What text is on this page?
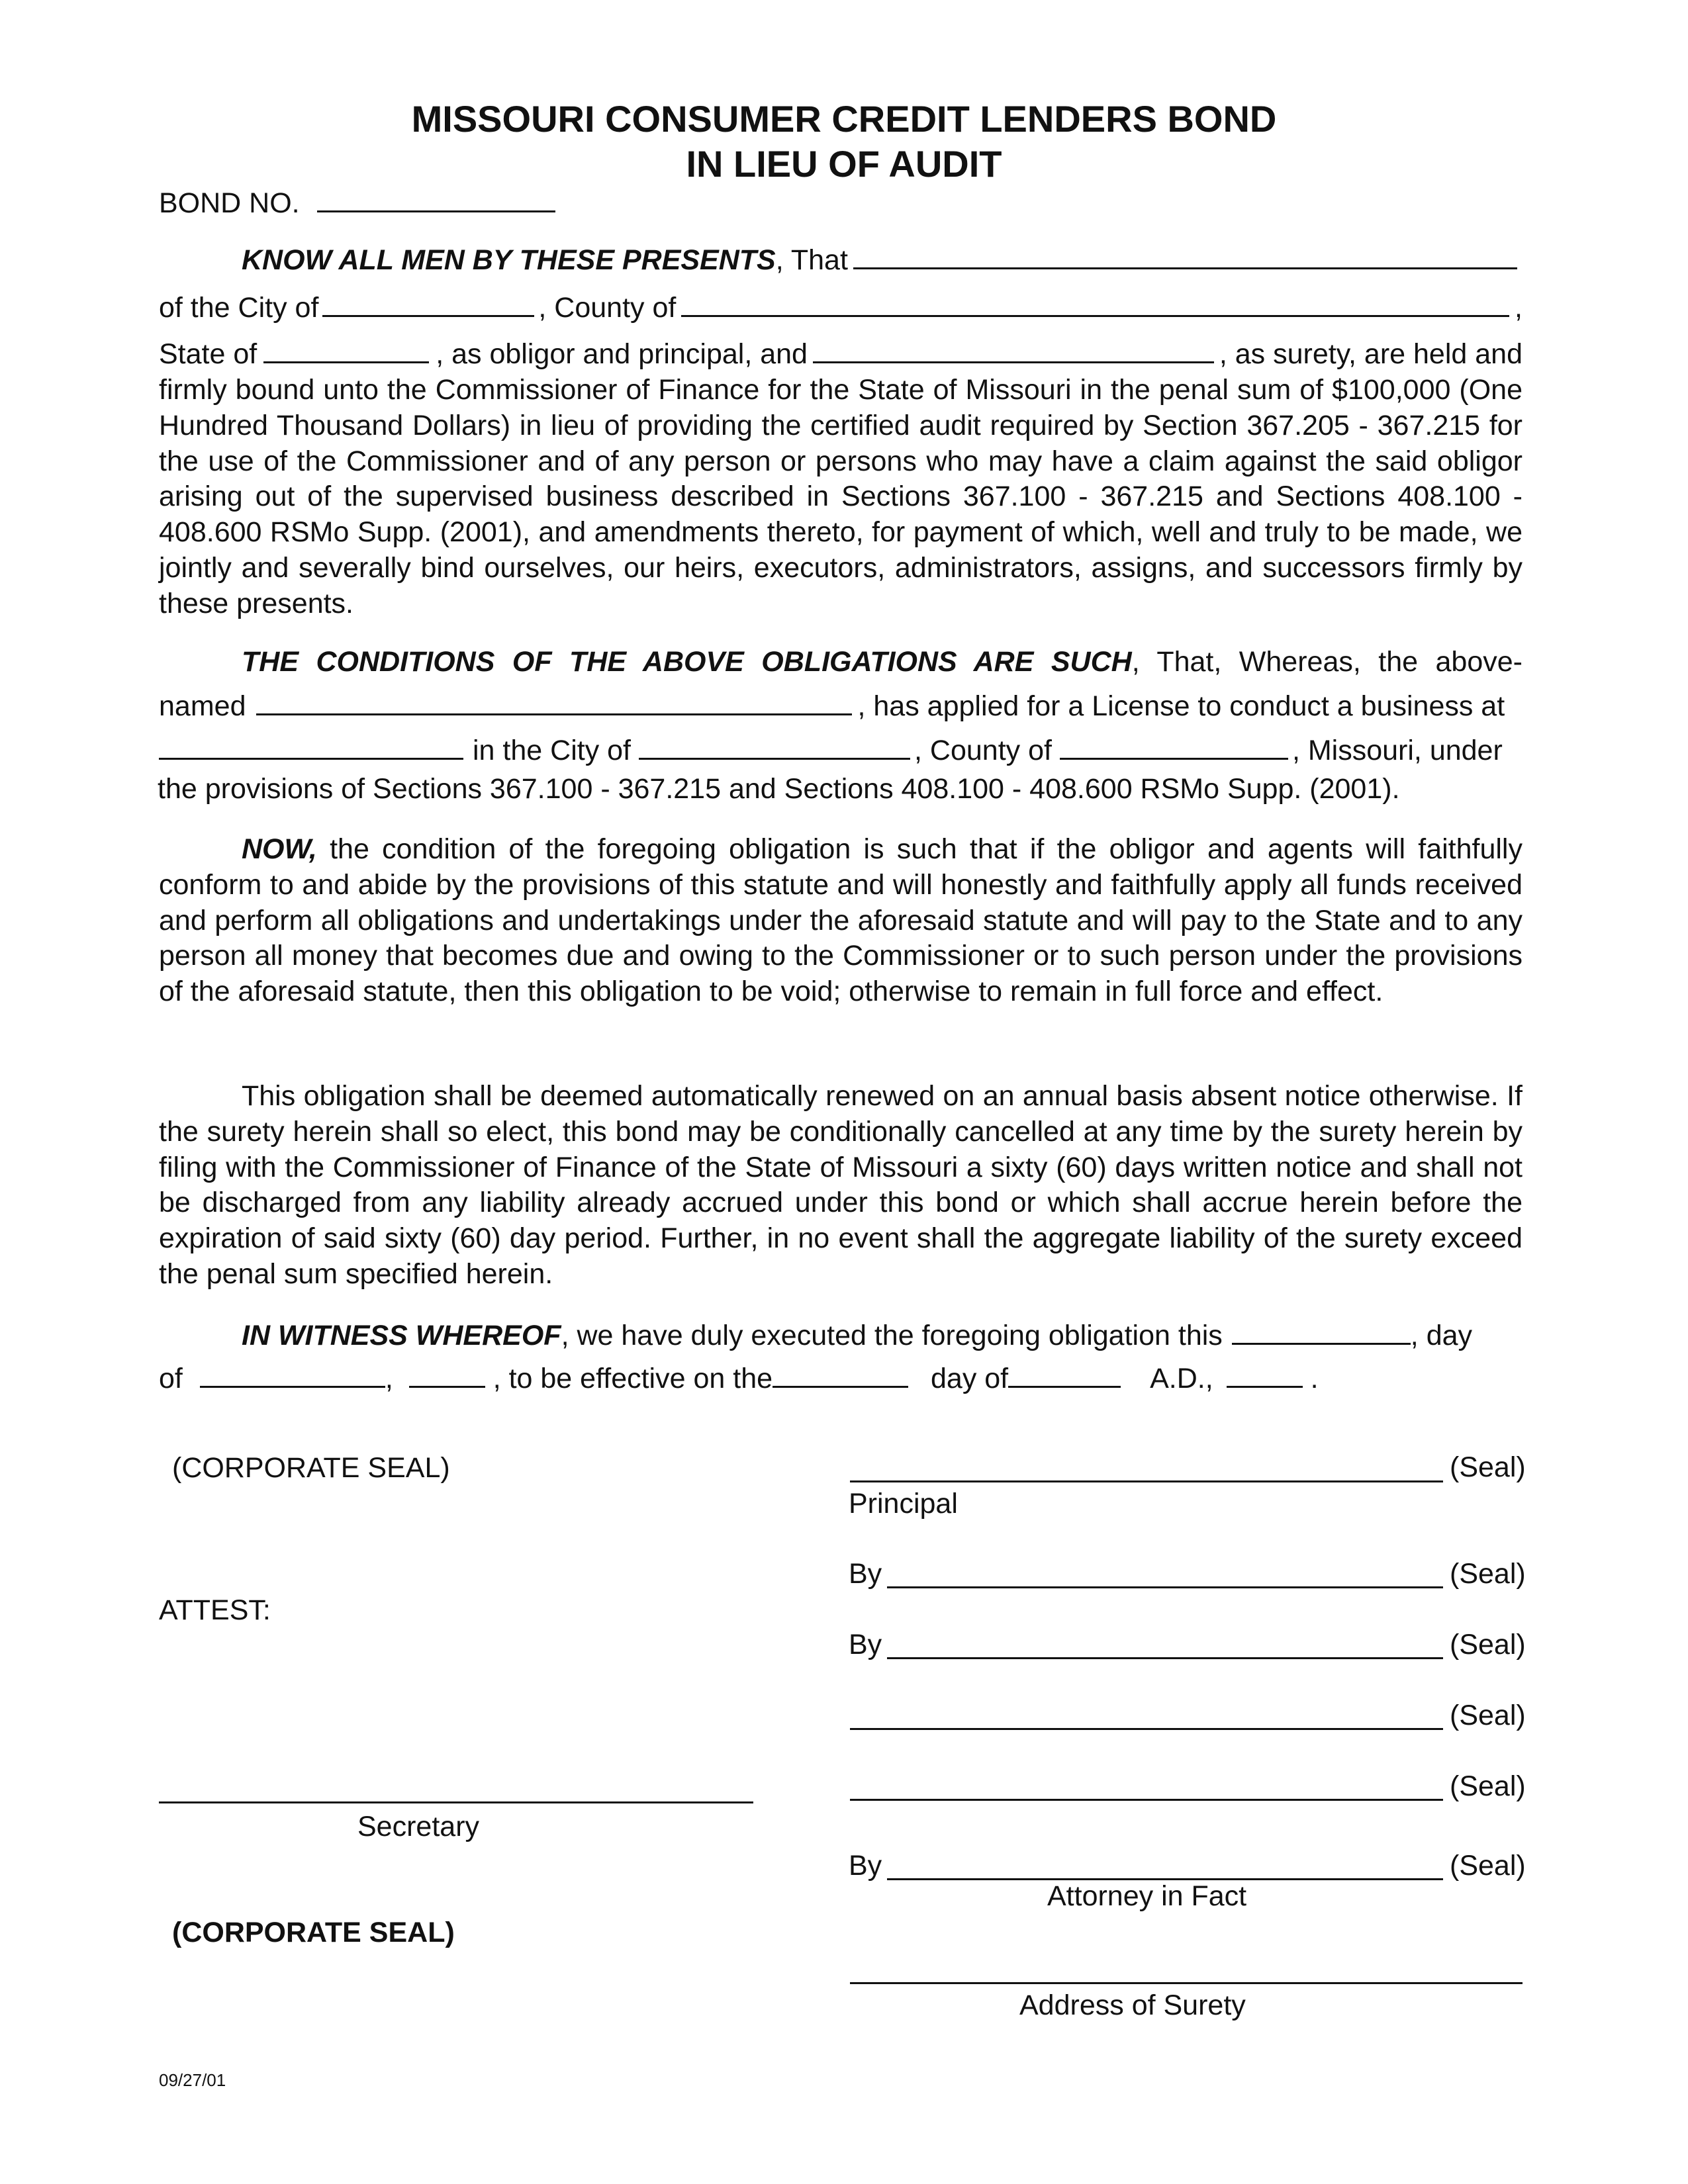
MISSOURI CONSUMER CREDIT LENDERS BOND
IN LIEU OF AUDIT
BOND NO.
KNOW ALL MEN BY THESE PRESENTS , That
of the City of	, County of	,
State of	, as obligor and principal, and	, as surety, are held and
firmly bound unto the Commissioner of Finance for the State of Missouri in the penal sum of $100,000 (One Hundred Thousand Dollars) in lieu of providing the certified audit required by Section 367.205 - 367.215 for the use of the Commissioner and of any person or persons who may have a claim against the said obligor arising out of the supervised business described in Sections 367.100 - 367.215 and Sections 408.100 - 408.600 RSMo Supp. (2001), and amendments thereto, for payment of which, well and truly to be made, we jointly and severally bind ourselves, our heirs, executors, administrators, assigns, and successors firmly by these presents.
THE CONDITIONS OF THE ABOVE OBLIGATIONS ARE SUCH, That, Whereas, the above-
named	, has applied for a License to conduct a business at
in the City of	, County of	, Missouri, under
the provisions of Sections 367.100 - 367.215 and Sections 408.100 - 408.600 RSMo Supp. (2001).
NOW, the condition of the foregoing obligation is such that if the obligor and agents will faithfully conform to and abide by the provisions of this statute and will honestly and faithfully apply all funds received and perform all obligations and undertakings under the aforesaid statute and will pay to the State and to any person all money that becomes due and owing to the Commissioner or to such person under the provisions of the aforesaid statute, then this obligation to be void; otherwise to remain in full force and effect.
This obligation shall be deemed automatically renewed on an annual basis absent notice otherwise. If the surety herein shall so elect, this bond may be conditionally cancelled at any time by the surety herein by filing with the Commissioner of Finance of the State of Missouri a sixty (60) days written notice and shall not be discharged from any liability already accrued under this bond or which shall accrue herein before the expiration of said sixty (60) day period. Further, in no event shall the aggregate liability of the surety exceed the penal sum specified herein.
IN WITNESS WHEREOF , we have duly executed the foregoing obligation this	, day
of	,	, to be effective on the	day of	A.D.,	.
(CORPORATE SEAL)
ATTEST:
Secretary
(CORPORATE SEAL)
(Seal)
Principal
By	(Seal)
By	(Seal)
(Seal)
(Seal)
By	(Seal)
Attorney in Fact
Address of Surety
09/27/01
